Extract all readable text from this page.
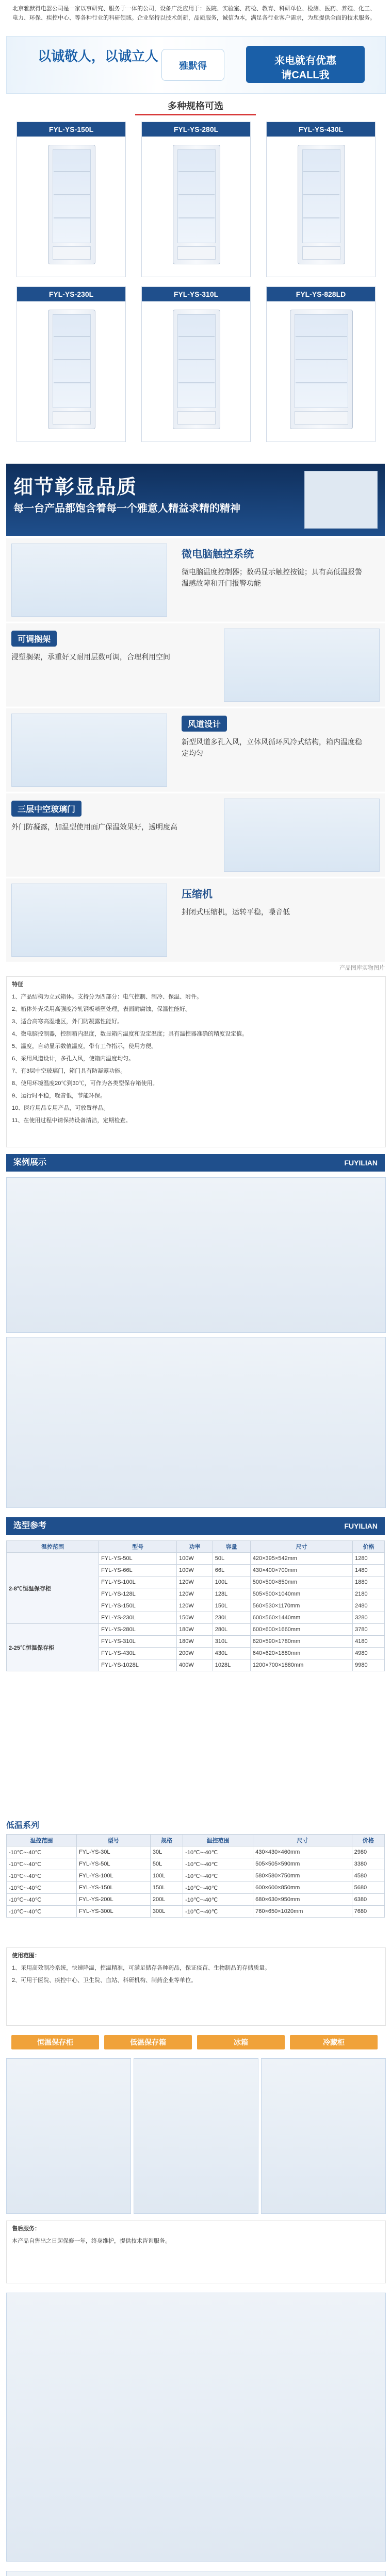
北京雅默得电器公司是一家以事研究、服务于一体的公司，设备广泛应用于：医院、实验室、药检、教育、科研单位、检测、医药、养殖、化工、电力、环保、疾控中心、等各种行业的科研领域。企业坚持以技术创新，品质服务，诚信为本，满足各行业客户需求，为您提供全面的技术服务。
以诚敬人，以诚立人
雅默得	来电就有优惠
请CALL我
多种规格可选
FYL-YS-150L	FYL-YS-280L	FYL-YS-430L
FYL-YS-230L	FYL-YS-310L	FYL-YS-828LD
细节彰显品质
每一台产品都饱含着每一个雅意人精益求精的精神
微电脑触控系统
微电脑温度控制器；数码显示触控按键；具有高低温报警温感故障和开门报警功能
可调搁架
浸塑搁架，承重好又耐用层数可调，合理利用空间
风道设计
新型风道多孔入风，立体风循环风冷式结构，箱内温度稳定均匀
三层中空玻璃门
外门防凝露，加温型使用面广保温效果好，透明度高
压缩机
封闭式压缩机，运转平稳，噪音低
产品图库实物图片
特征
1、产品结构为立式箱体。支持分为四部分：电气控制、制冷、保温、附件。
2、箱体外壳采用高强度冷轧钢板喷塑处理，表面耐腐蚀，保温性能好。
3、适合高寒高湿地区，外门防凝露性能好。
4、微电脑控制器，控制箱内温度，数显箱内温度和设定温度；具有温控器准确的精度设定值。
5、温度，自动显示数值温度，带有工作指示，使用方便。
6、采用风道设计，多孔入风，使箱内温度均匀。
7、有3层中空玻璃门，箱门具有防凝露功能。
8、使用环境温度20℃到30℃，可作为各类型保存箱使用。
9、运行时平稳，噪音低，节能环保。
10、医疗用品专用产品，可放置样品。
11、在使用过程中请保持设备清洁，定期检查。
案例展示	FUYILIAN
选型参考	FUYILIAN
温控范围	型号	功率	容量	尺寸	价格
2-8℃恒温保存柜	FYL-YS-50L	100W	50L	420×395×542mm	1280
	FYL-YS-66L	100W	66L	430×400×700mm	1480
	FYL-YS-100L	120W	100L	500×500×850mm	1880
	FYL-YS-128L	120W	128L	505×500×1040mm	2180
	FYL-YS-150L	120W	150L	560×530×1170mm	2480
	FYL-YS-230L	150W	230L	600×560×1440mm	3280
2-25℃恒温保存柜	FYL-YS-280L	180W	280L	600×600×1660mm	3780
	FYL-YS-310L	180W	310L	620×590×1780mm	4180
	FYL-YS-430L	200W	430L	640×620×1880mm	4980
	FYL-YS-1028L	400W	1028L	1200×700×1880mm	9980
低温系列
温控范围	型号	规格	温控范围	尺寸	价格
-10℃~-40℃	FYL-YS-30L	30L	-10℃~-40℃	430×430×460mm	2980
-10℃~-40℃	FYL-YS-50L	50L	-10℃~-40℃	505×505×590mm	3380
-10℃~-40℃	FYL-YS-100L	100L	-10℃~-40℃	580×580×750mm	4580
-10℃~-40℃	FYL-YS-150L	150L	-10℃~-40℃	600×600×850mm	5680
-10℃~-40℃	FYL-YS-200L	200L	-10℃~-40℃	680×630×950mm	6380
-10℃~-40℃	FYL-YS-300L	300L	-10℃~-40℃	760×650×1020mm	7680
使用范围：
1、采用高效制冷系统，快速降温，控温精准，可满足储存各种药品，保证疫苗、生物制品的存储质量。
2、可用于医院、疾控中心、卫生院、血站、科研机构、制药企业等单位。
恒温保存柜	低温保存箱	冰箱	冷藏柜
售后服务：
本产品自售出之日起保修一年，终身维护，提供技术咨询服务。
